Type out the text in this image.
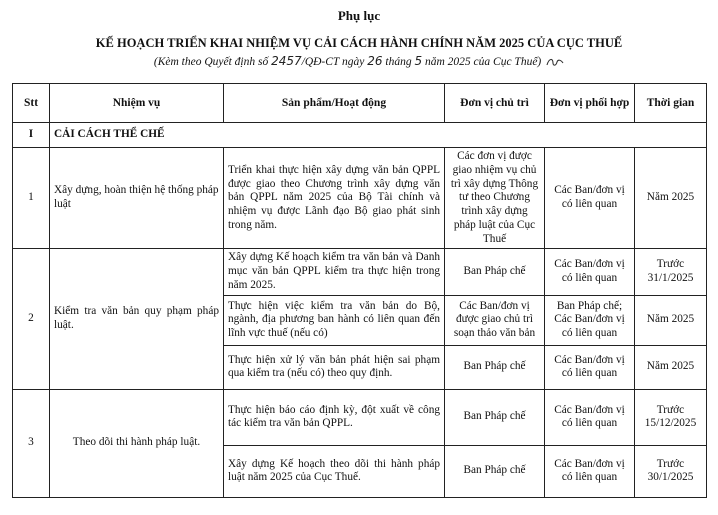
Phụ lục
KẾ HOẠCH TRIỂN KHAI NHIỆM VỤ CẢI CÁCH HÀNH CHÍNH NĂM 2025 CỦA CỤC THUẾ
(Kèm theo Quyết định số 2457/QĐ-CT ngày 26 tháng 5 năm 2025 của Cục Thuế)
Stt	Nhiệm vụ	Sản phẩm/Hoạt động	Đơn vị chủ trì	Đơn vị phối hợp	Thời gian
I	CẢI CÁCH THỂ CHẾ				
1	Xây dựng, hoàn thiện hệ thống pháp luật	Triển khai thực hiện xây dựng văn bản QPPL được giao theo Chương trình xây dựng văn bản QPPL năm 2025 của Bộ Tài chính và nhiệm vụ được Lãnh đạo Bộ giao phát sinh trong năm.	Các đơn vị được giao nhiệm vụ chủ trì xây dựng Thông tư theo Chương trình xây dựng pháp luật của Cục Thuế	Các Ban/đơn vị có liên quan	Năm 2025
2	Kiểm tra văn bản quy phạm pháp luật.	Xây dựng Kế hoạch kiểm tra văn bản và Danh mục văn bản QPPL kiểm tra thực hiện trong năm 2025.	Ban Pháp chế	Các Ban/đơn vị có liên quan	Trước 31/1/2025
		Thực hiện việc kiểm tra văn bản do Bộ, ngành, địa phương ban hành có liên quan đến lĩnh vực thuế (nếu có)	Các Ban/đơn vị được giao chủ trì soạn thảo văn bản	Ban Pháp chế; Các Ban/đơn vị có liên quan	Năm 2025
		Thực hiện xử lý văn bản phát hiện sai phạm qua kiểm tra (nếu có) theo quy định.	Ban Pháp chế	Các Ban/đơn vị có liên quan	Năm 2025
3	Theo dõi thi hành pháp luật.	Thực hiện báo cáo định kỳ, đột xuất về công tác kiểm tra văn bản QPPL.	Ban Pháp chế	Các Ban/đơn vị có liên quan	Trước 15/12/2025
		Xây dựng Kế hoạch theo dõi thi hành pháp luật năm 2025 của Cục Thuế.	Ban Pháp chế	Các Ban/đơn vị có liên quan	Trước 30/1/2025
